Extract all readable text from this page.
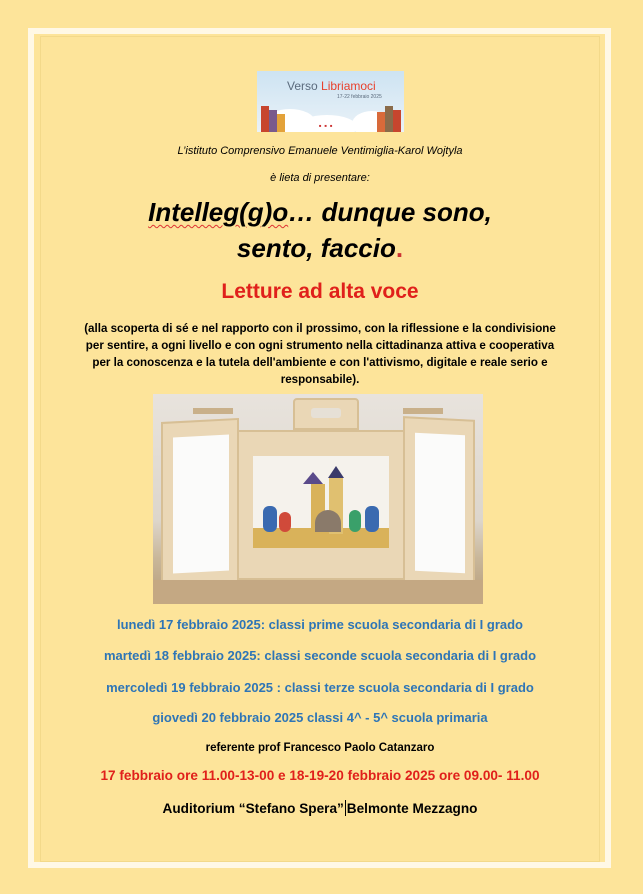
Verso Libriamoci
17-22 febbraio 2025
■ ■ ■
L’istituto Comprensivo Emanuele Ventimiglia-Karol Wojtyla
è lieta di presentare:
Intelleg(g)o… dunque sono,
sento, faccio.
Letture ad alta voce
(alla scoperta di sé e nel rapporto con il prossimo, con la riflessione e la condivisione per sentire, a ogni livello e con ogni strumento nella cittadinanza attiva e cooperativa per la conoscenza e la tutela dell'ambiente e con l'attivismo, digitale e reale serio e responsabile).
lunedì 17 febbraio 2025: classi prime scuola secondaria di I grado
martedì 18 febbraio 2025: classi seconde scuola secondaria di I grado
mercoledì 19 febbraio 2025 : classi terze scuola secondaria di I grado
giovedì 20 febbraio 2025 classi 4^ - 5^ scuola primaria
referente prof Francesco Paolo Catanzaro
17 febbraio ore 11.00-13-00 e 18-19-20 febbraio 2025 ore 09.00- 11.00
Auditorium “Stefano Spera” Belmonte Mezzagno
